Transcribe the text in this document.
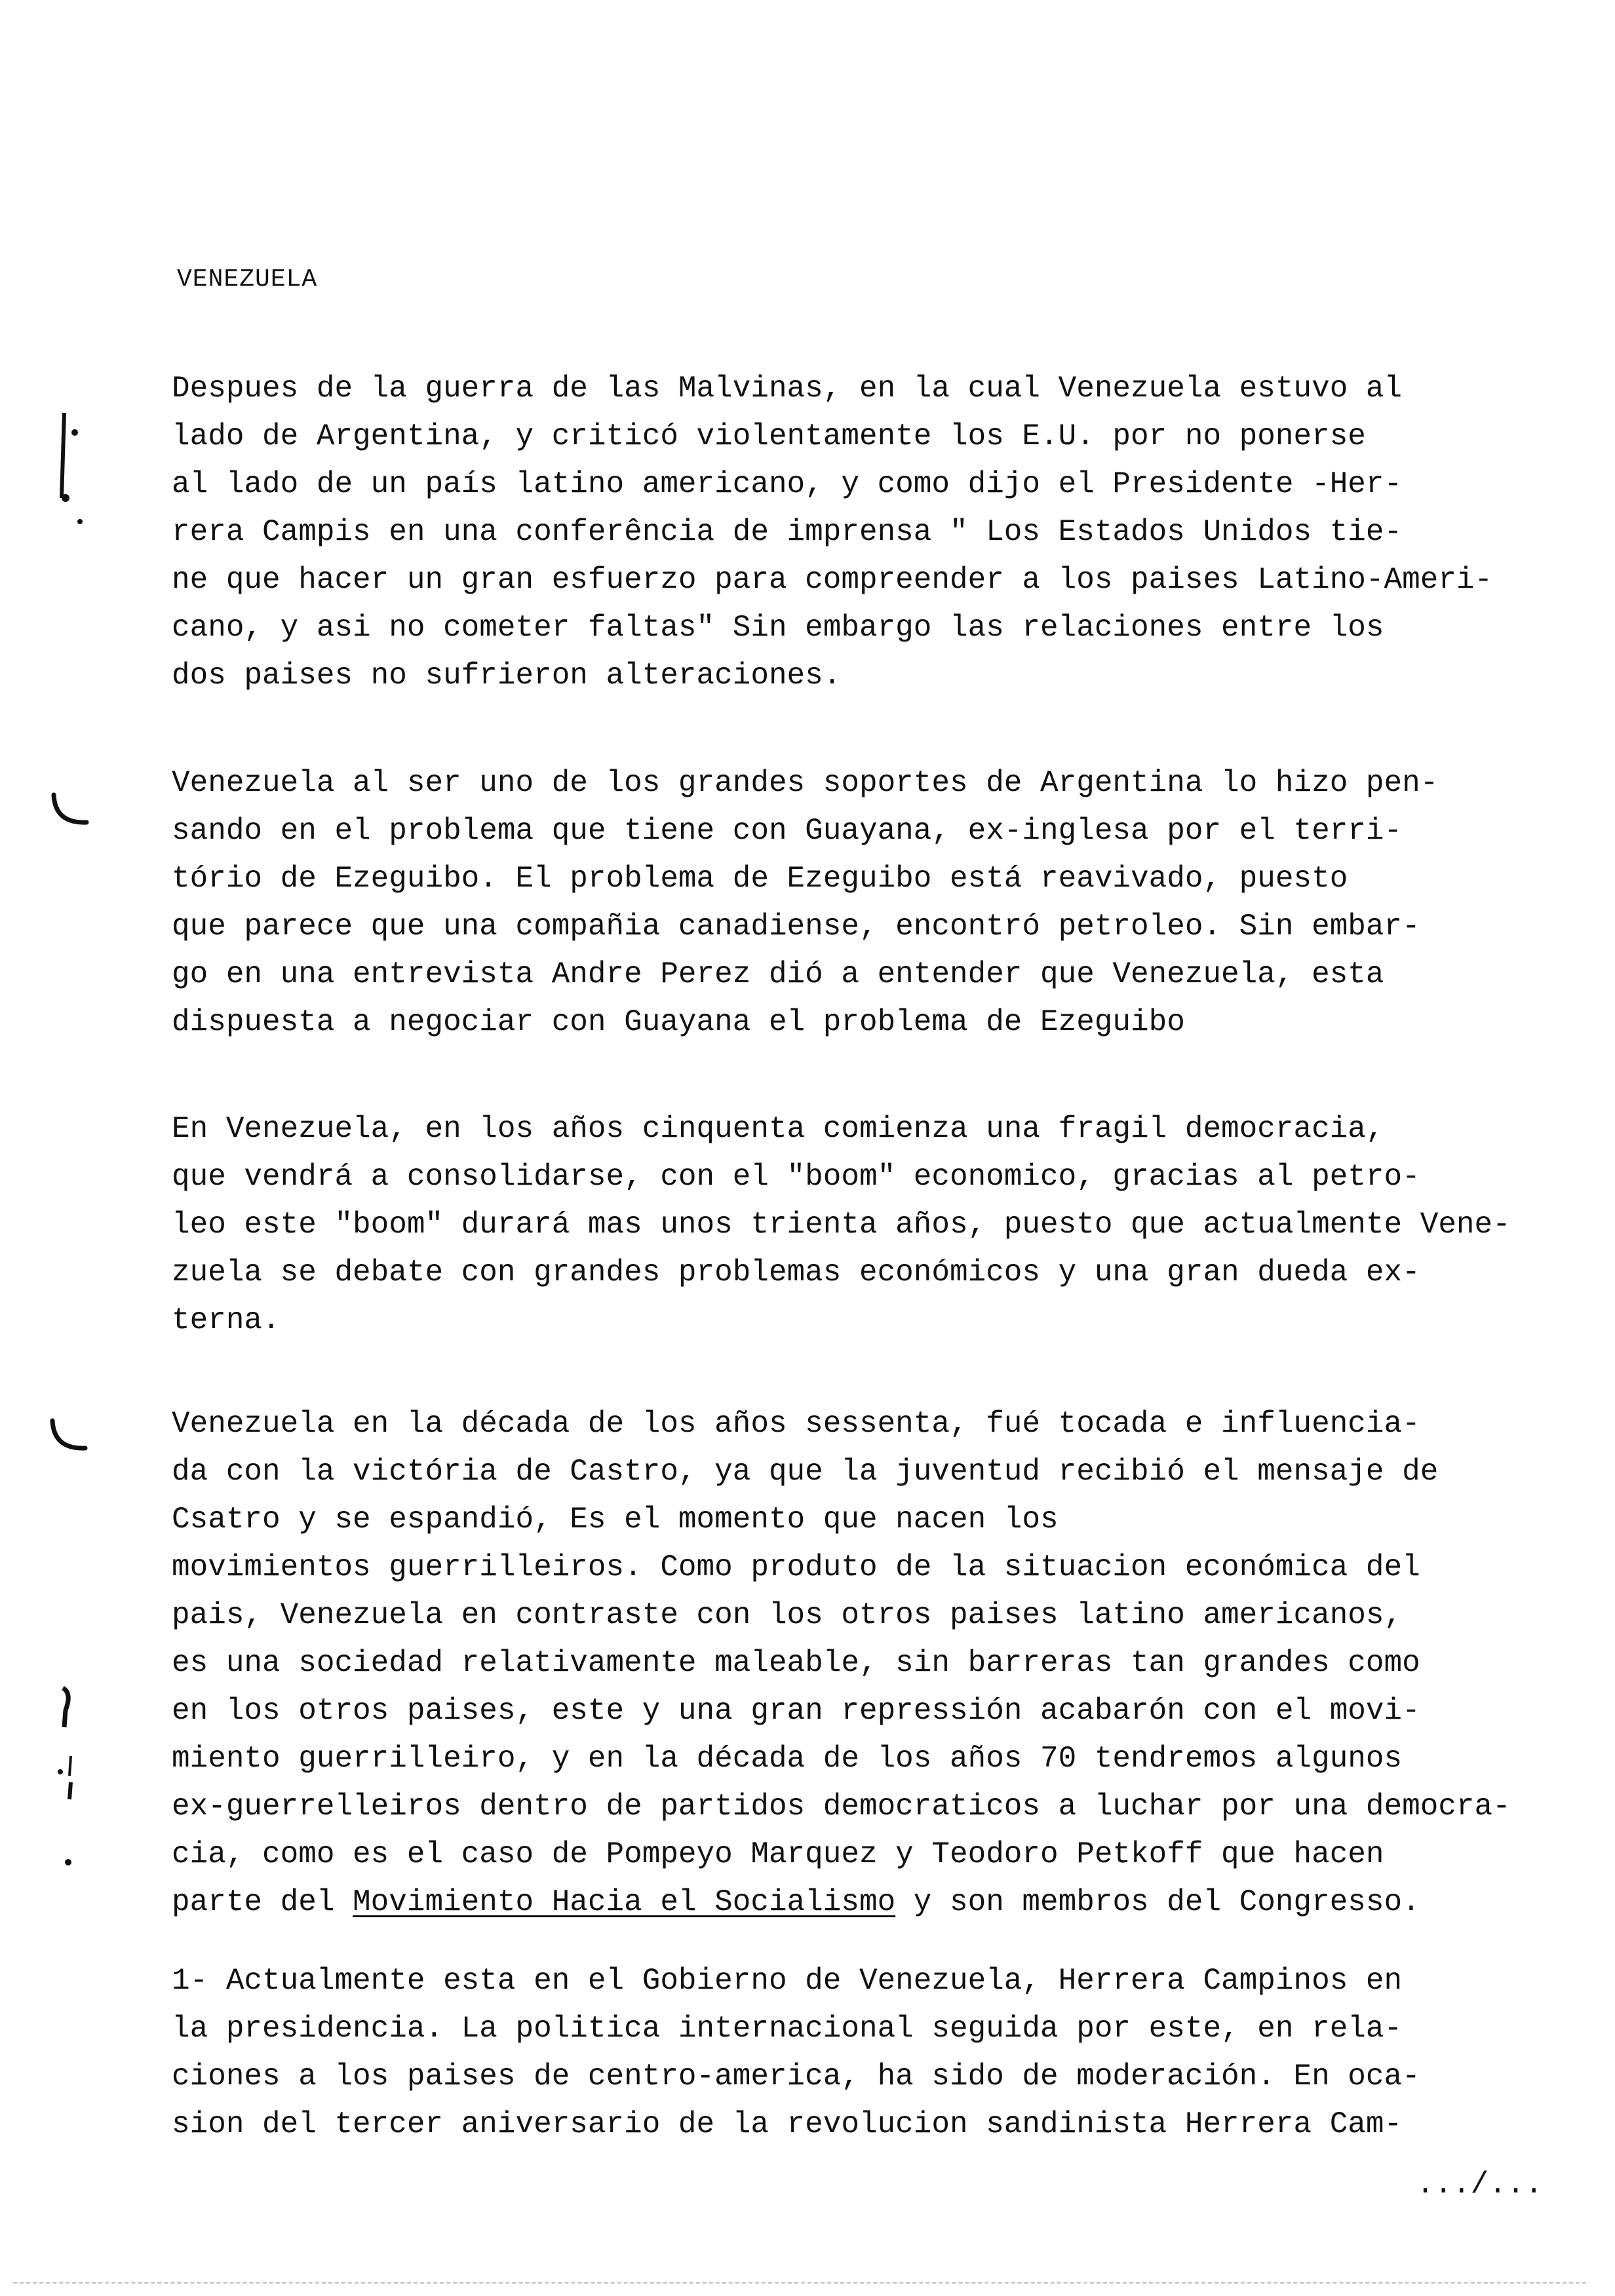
VENEZUELA
Despues de la guerra de las Malvinas, en la cual Venezuela estuvo al
lado de Argentina, y criticó violentamente los E.U. por no ponerse
al lado de un país latino americano, y como dijo el Presidente -Her-
rera Campis en una conferência de imprensa " Los Estados Unidos tie-
ne que hacer un gran esfuerzo para compreender a los paises Latino-Ameri-
cano, y asi no cometer faltas" Sin embargo las relaciones entre los
dos paises no sufrieron alteraciones.
Venezuela al ser uno de los grandes soportes de Argentina lo hizo pen-
sando en el problema que tiene con Guayana, ex-inglesa por el terri-
tório de Ezeguibo. El problema de Ezeguibo está reavivado, puesto
que parece que una compañia canadiense, encontró petroleo. Sin embar-
go en una entrevista Andre Perez dió a entender que Venezuela, esta
dispuesta a negociar con Guayana el problema de Ezeguibo
En Venezuela, en los años cinquenta comienza una fragil democracia,
que vendrá a consolidarse, con el "boom" economico, gracias al petro-
leo este "boom" durará mas unos trienta años, puesto que actualmente Vene-
zuela se debate con grandes problemas económicos y una gran dueda ex-
terna.
Venezuela en la década de los años sessenta, fué tocada e influencia-
da con la victória de Castro, ya que la juventud recibió el mensaje de
Csatro y se espandió, Es el momento que nacen los
movimientos guerrilleiros. Como produto de la situacion económica del
pais, Venezuela en contraste con los otros paises latino americanos,
es una sociedad relativamente maleable, sin barreras tan grandes como
en los otros paises, este y una gran repressión acabarón con el movi-
miento guerrilleiro, y en la década de los años 70 tendremos algunos
ex-guerrelleiros dentro de partidos democraticos a luchar por una democra-
cia, como es el caso de Pompeyo Marquez y Teodoro Petkoff que hacen
parte del Movimiento Hacia el Socialismo y son membros del Congresso.
1- Actualmente esta en el Gobierno de Venezuela, Herrera Campinos en
la presidencia. La politica internacional seguida por este, en rela-
ciones a los paises de centro-america, ha sido de moderación. En oca-
sion del tercer aniversario de la revolucion sandinista Herrera Cam-
.../...
